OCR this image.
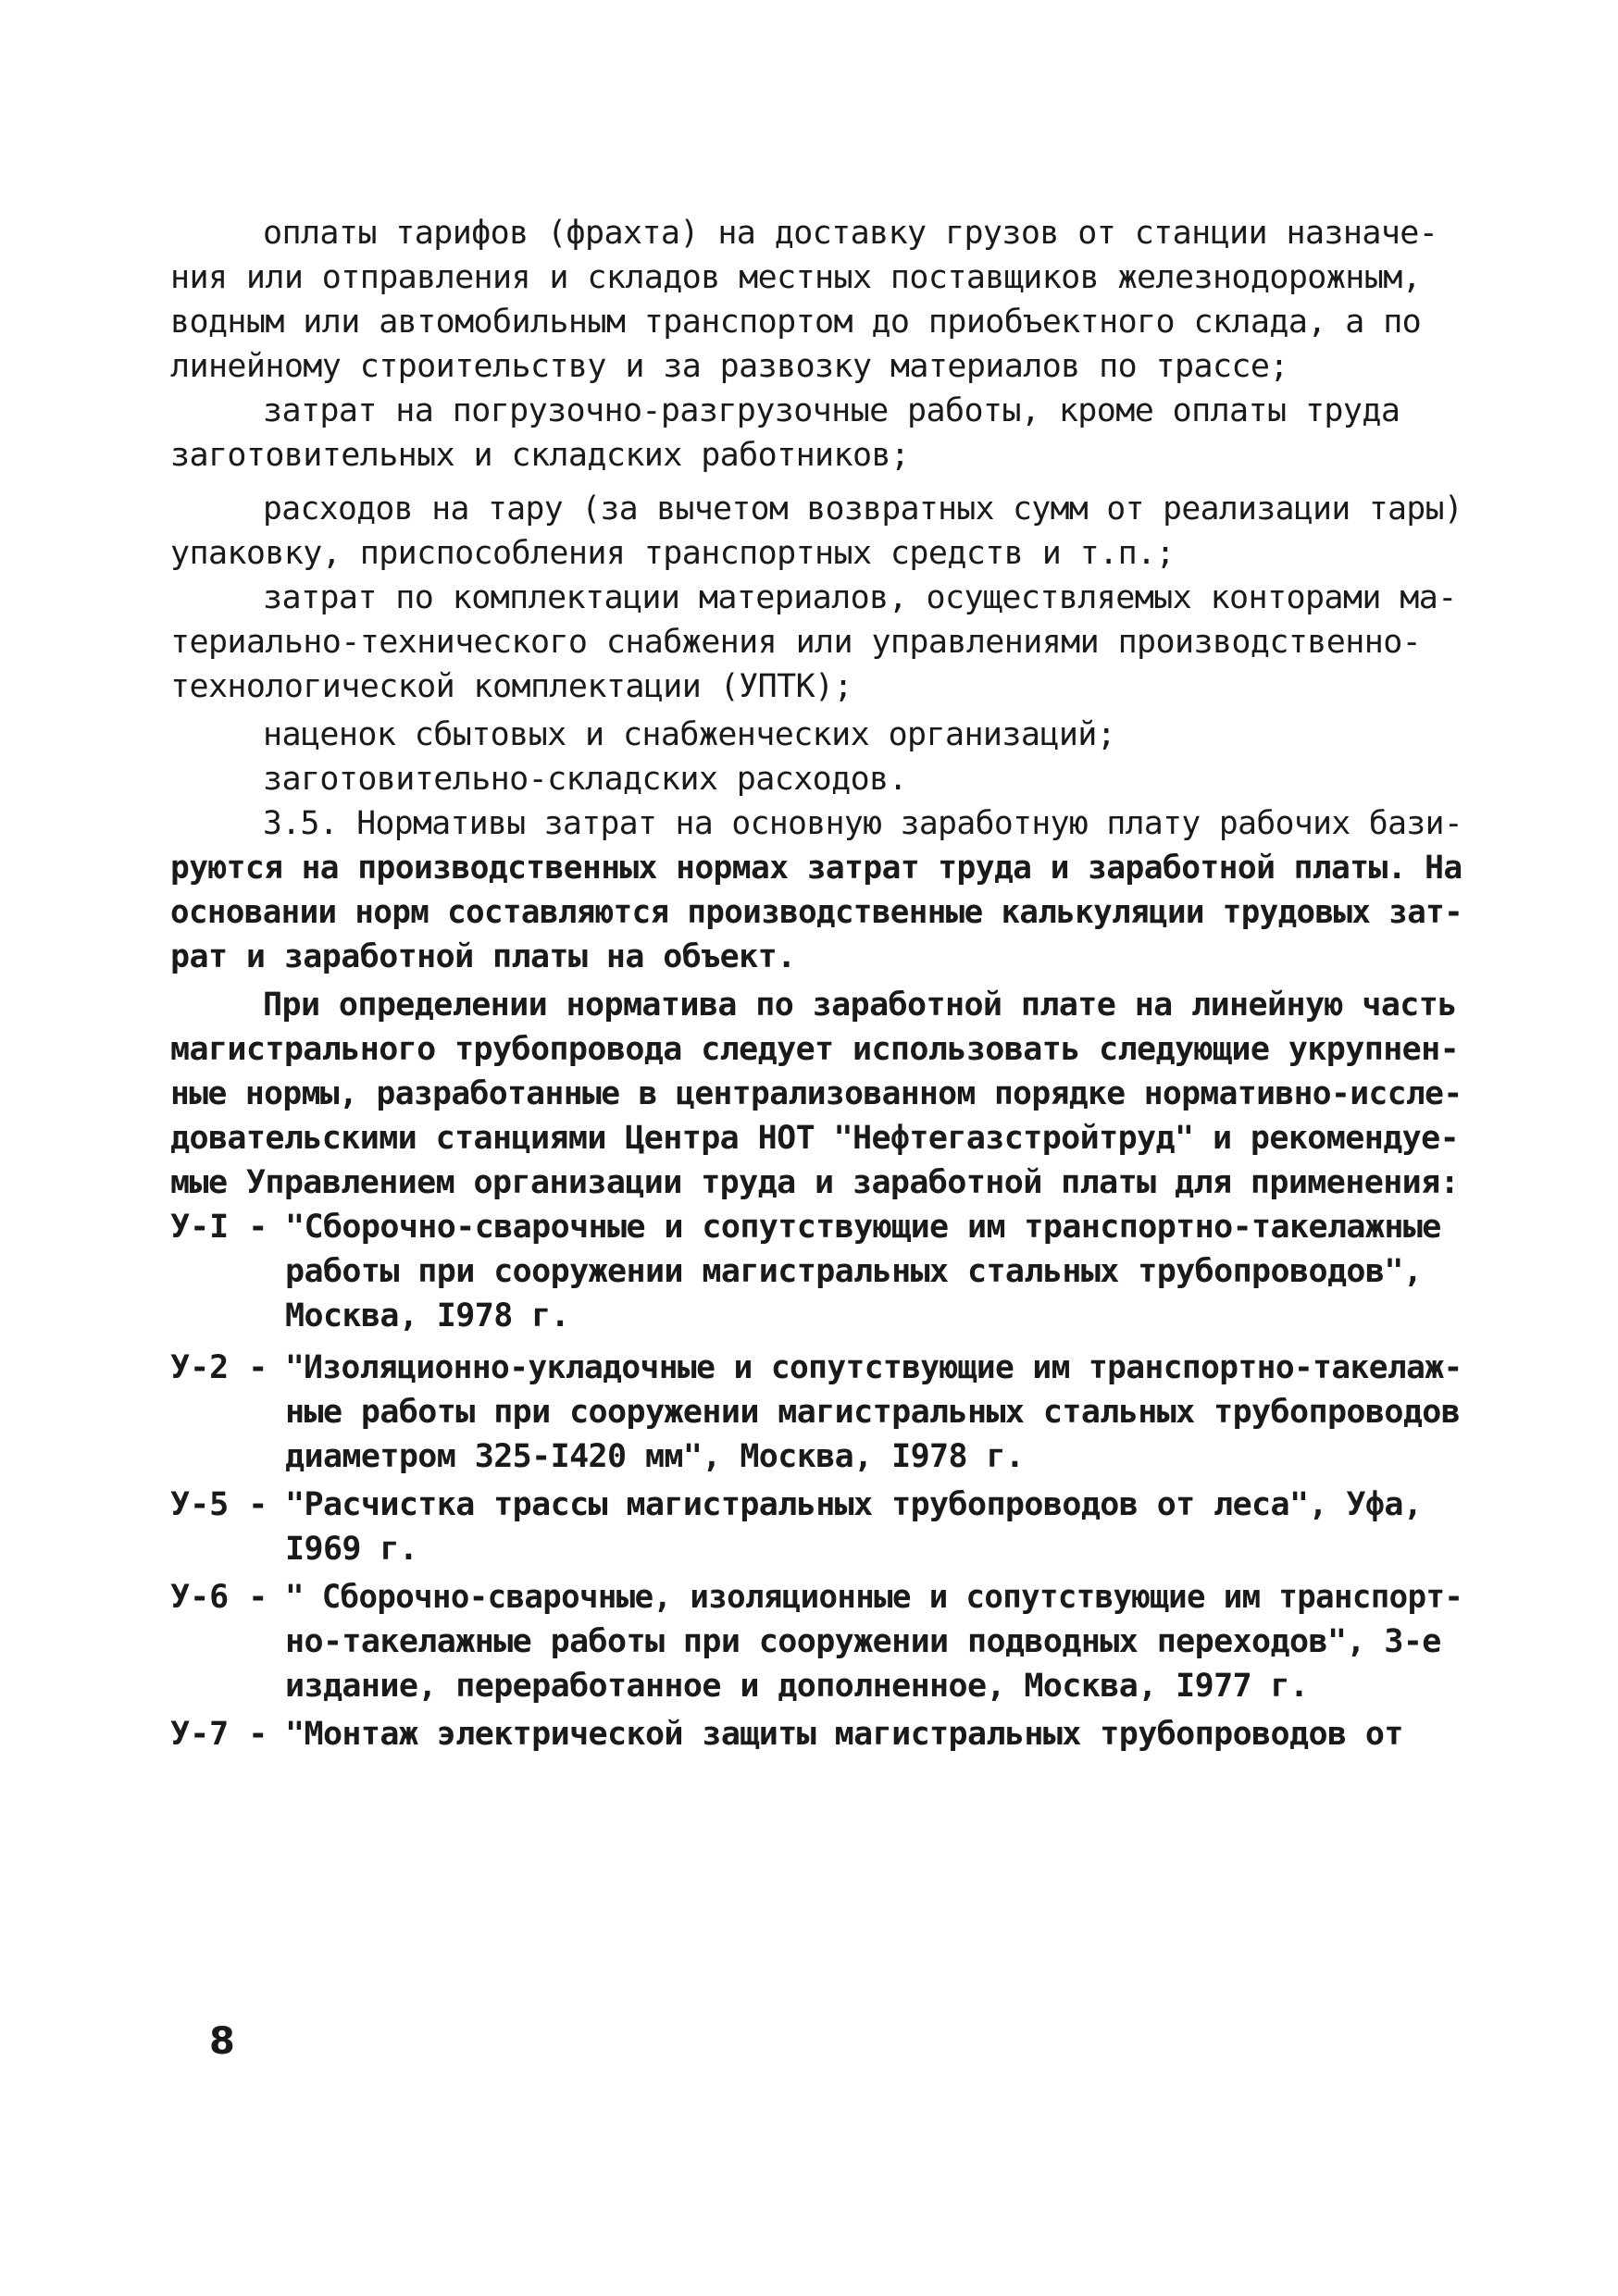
оплаты тарифов (фрахта) на доставку грузов от станции назначе-
ния или отправления и складов местных поставщиков железнодорожным,
водным или автомобильным транспортом до приобъектного склада, а по
линейному строительству и за развозку материалов по трассе;
затрат на погрузочно-разгрузочные работы, кроме оплаты труда
заготовительных и складских работников;
расходов на тару (за вычетом возвратных сумм от реализации тары)
упаковку, приспособления транспортных средств и т.п.;
затрат по комплектации материалов, осуществляемых конторами ма-
териально-технического снабжения или управлениями производственно-
технологической комплектации (УПТК);
наценок сбытовых и снабженческих организаций;
заготовительно-складских расходов.
3.5. Нормативы затрат на основную заработную плату рабочих бази-
руются на производственных нормах затрат труда и заработной платы. На
основании норм составляются производственные калькуляции трудовых зат-
рат и заработной платы на объект.
При определении норматива по заработной плате на линейную часть
магистрального трубопровода следует использовать следующие укрупнен-
ные нормы, разработанные в централизованном порядке нормативно-иссле-
довательскими станциями Центра НОТ "Нефтегазстройтруд" и рекомендуе-
мые Управлением организации труда и заработной платы для применения:
У-I - "Сборочно-сварочные и сопутствующие им транспортно-такелажные
работы при сооружении магистральных стальных трубопроводов",
Москва, I978 г.
У-2 - "Изоляционно-укладочные и сопутствующие им транспортно-такелаж-
ные работы при сооружении магистральных стальных трубопроводов
диаметром 325-I420 мм", Москва, I978 г.
У-5 - "Расчистка трассы магистральных трубопроводов от леса", Уфа,
I969 г.
У-6 - " Сборочно-сварочные, изоляционные и сопутствующие им транспорт-
но-такелажные работы при сооружении подводных переходов", 3-е
издание, переработанное и дополненное, Москва, I977 г.
У-7 - "Монтаж электрической защиты магистральных трубопроводов от
8
